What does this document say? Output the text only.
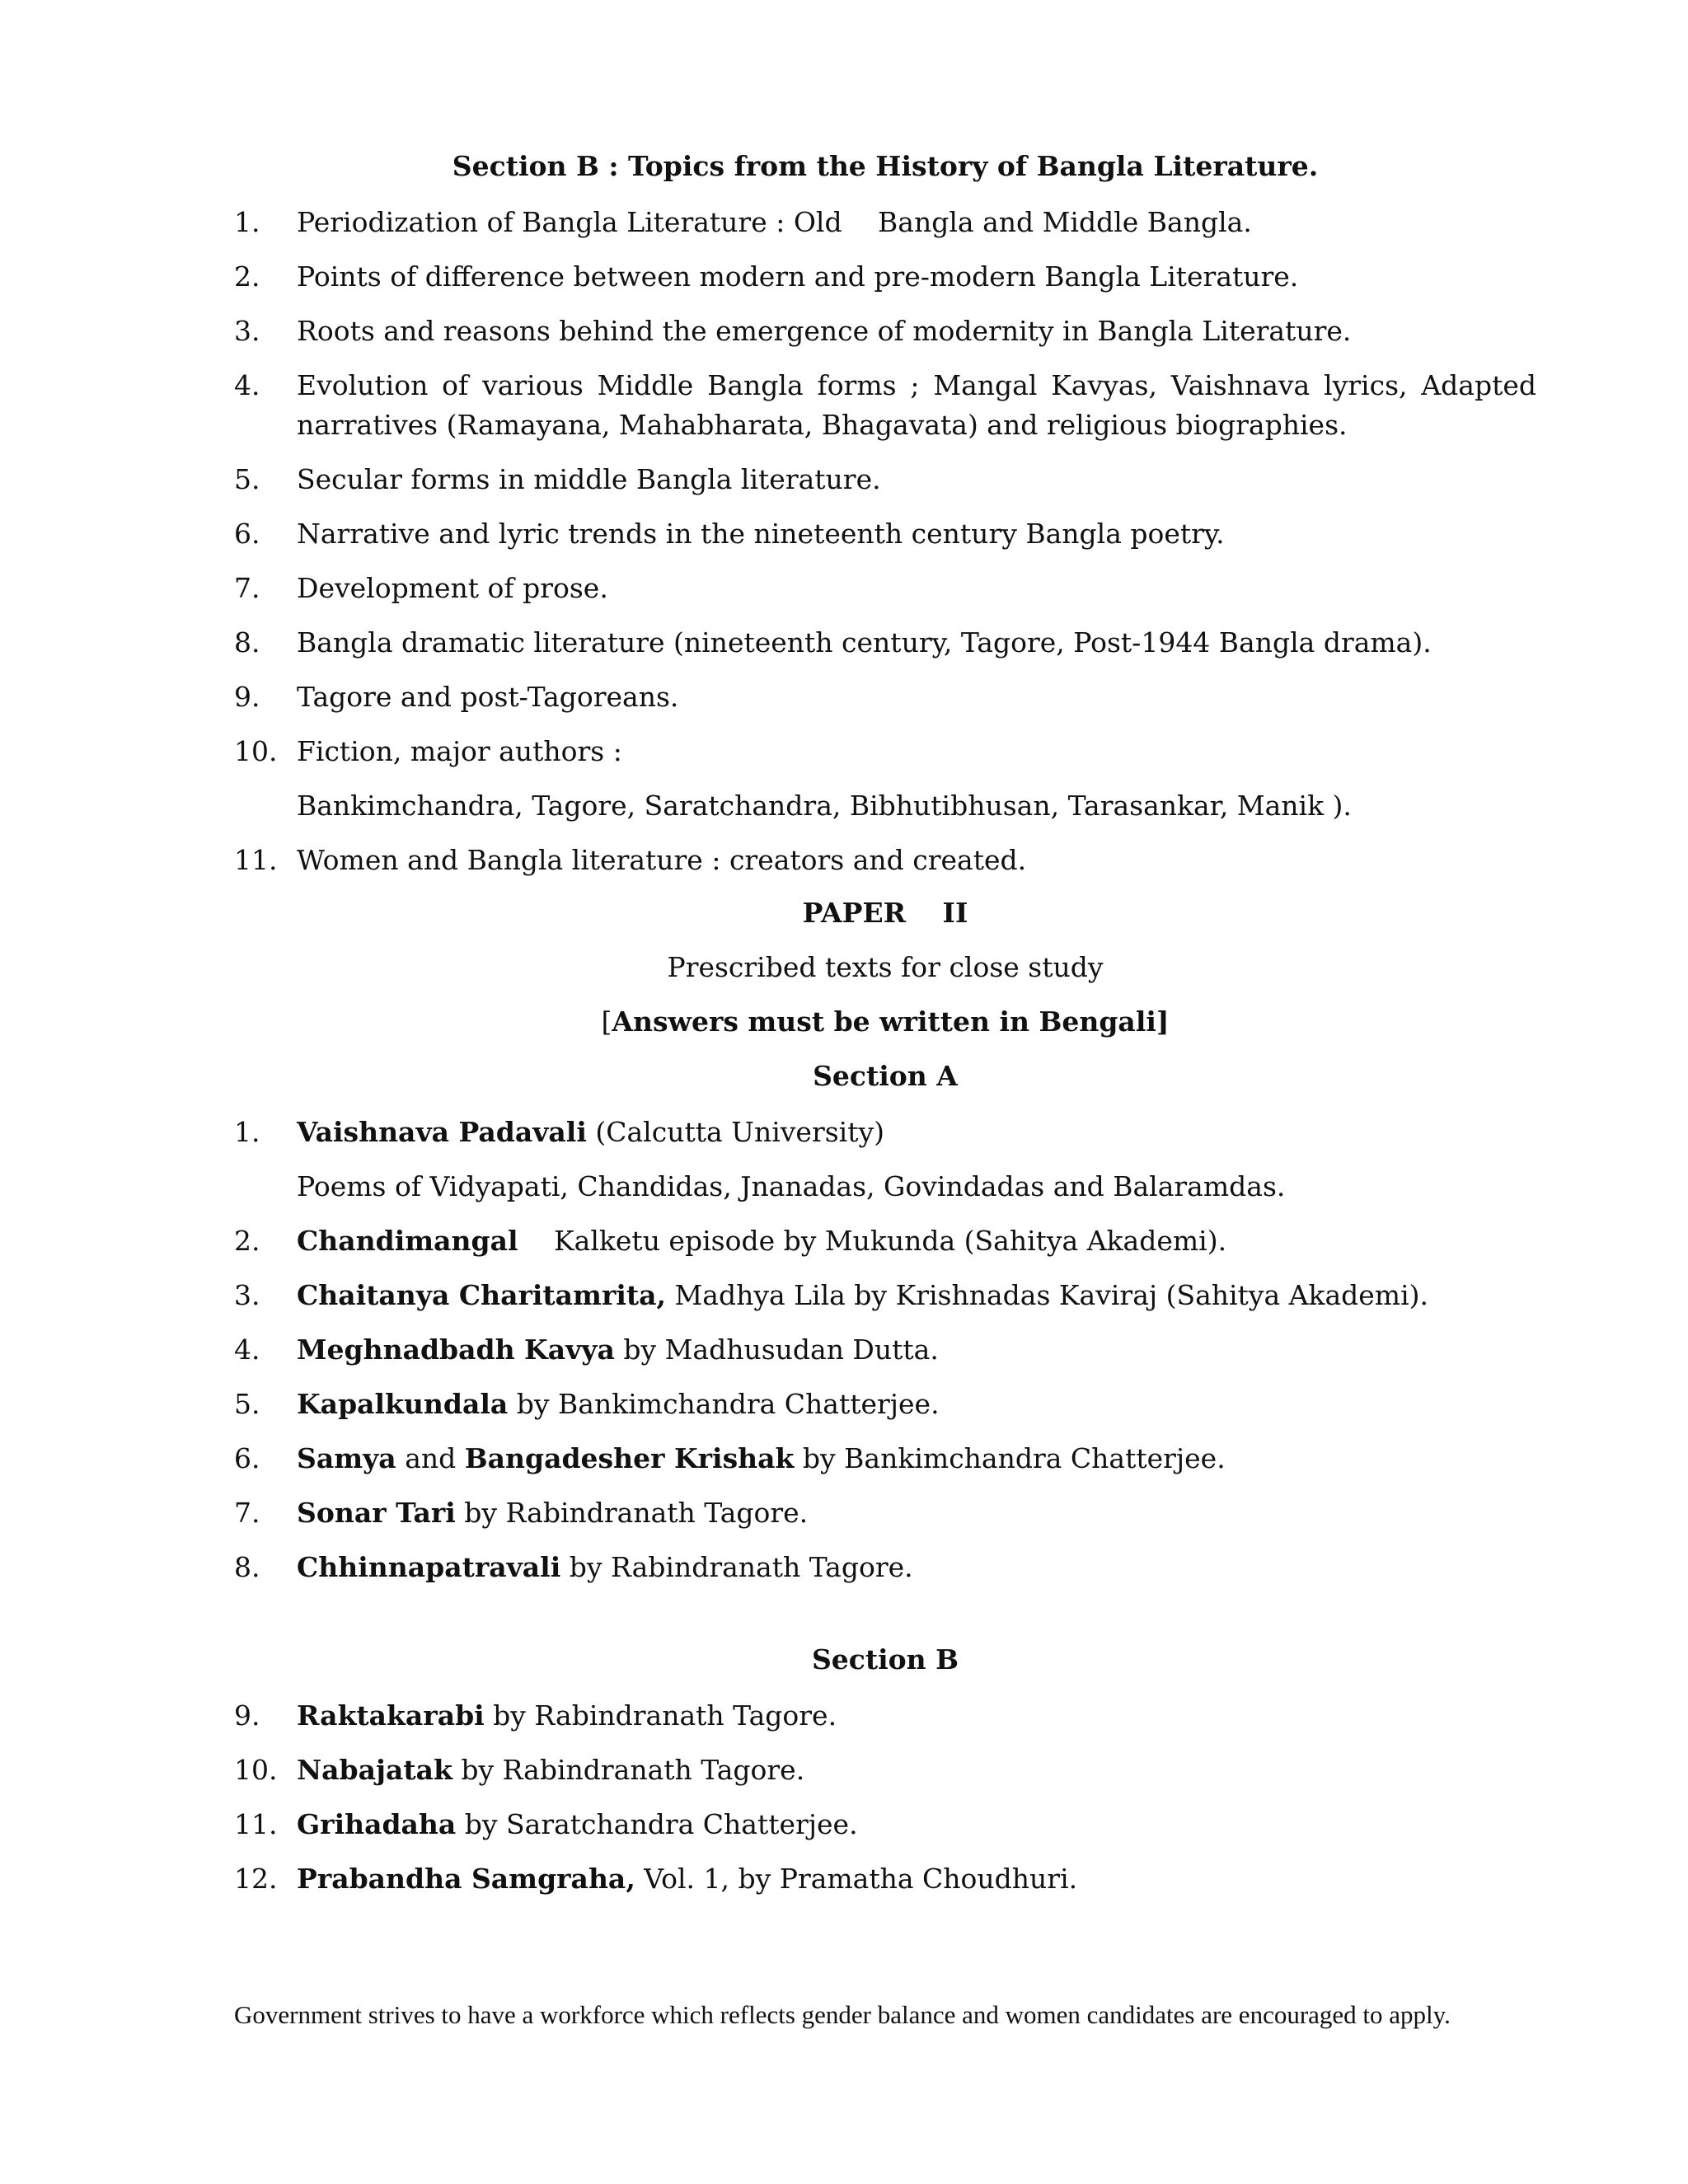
Section B : Topics from the History of Bangla Literature.
1.	Periodization of Bangla Literature : Old  Bangla and Middle Bangla.
2.	Points of difference between modern and pre-modern Bangla Literature.
3.	Roots and reasons behind the emergence of modernity in Bangla Literature.
4.	Evolution of various Middle Bangla forms ; Mangal Kavyas, Vaishnava lyrics, Adapted narratives (Ramayana, Mahabharata, Bhagavata) and religious biographies.
5.	Secular forms in middle Bangla literature.
6.	Narrative and lyric trends in the nineteenth century Bangla poetry.
7.	Development of prose.
8.	Bangla dramatic literature (nineteenth century, Tagore, Post-1944 Bangla drama).
9.	Tagore and post-Tagoreans.
10. Fiction, major authors :
Bankimchandra, Tagore, Saratchandra, Bibhutibhusan, Tarasankar, Manik ).
11. Women and Bangla literature : creators and created.
PAPER  II
Prescribed texts for close study
[Answers must be written in Bengali]
Section A
1.	Vaishnava Padavali (Calcutta University)
Poems of Vidyapati, Chandidas, Jnanadas, Govindadas and Balaramdas.
2.	Chandimangal  Kalketu episode by Mukunda (Sahitya Akademi).
3.	Chaitanya Charitamrita, Madhya Lila by Krishnadas Kaviraj (Sahitya Akademi).
4.	Meghnadbadh Kavya by Madhusudan Dutta.
5.	Kapalkundala by Bankimchandra Chatterjee.
6.	Samya and Bangadesher Krishak by Bankimchandra Chatterjee.
7.	Sonar Tari by Rabindranath Tagore.
8.	Chhinnapatravali by Rabindranath Tagore.
Section B
9.	Raktakarabi by Rabindranath Tagore.
10. Nabajatak by Rabindranath Tagore.
11. Grihadaha by Saratchandra Chatterjee.
12. Prabandha Samgraha, Vol. 1, by Pramatha Choudhuri.
Government strives to have a workforce which reflects gender balance and women candidates are encouraged to apply.
